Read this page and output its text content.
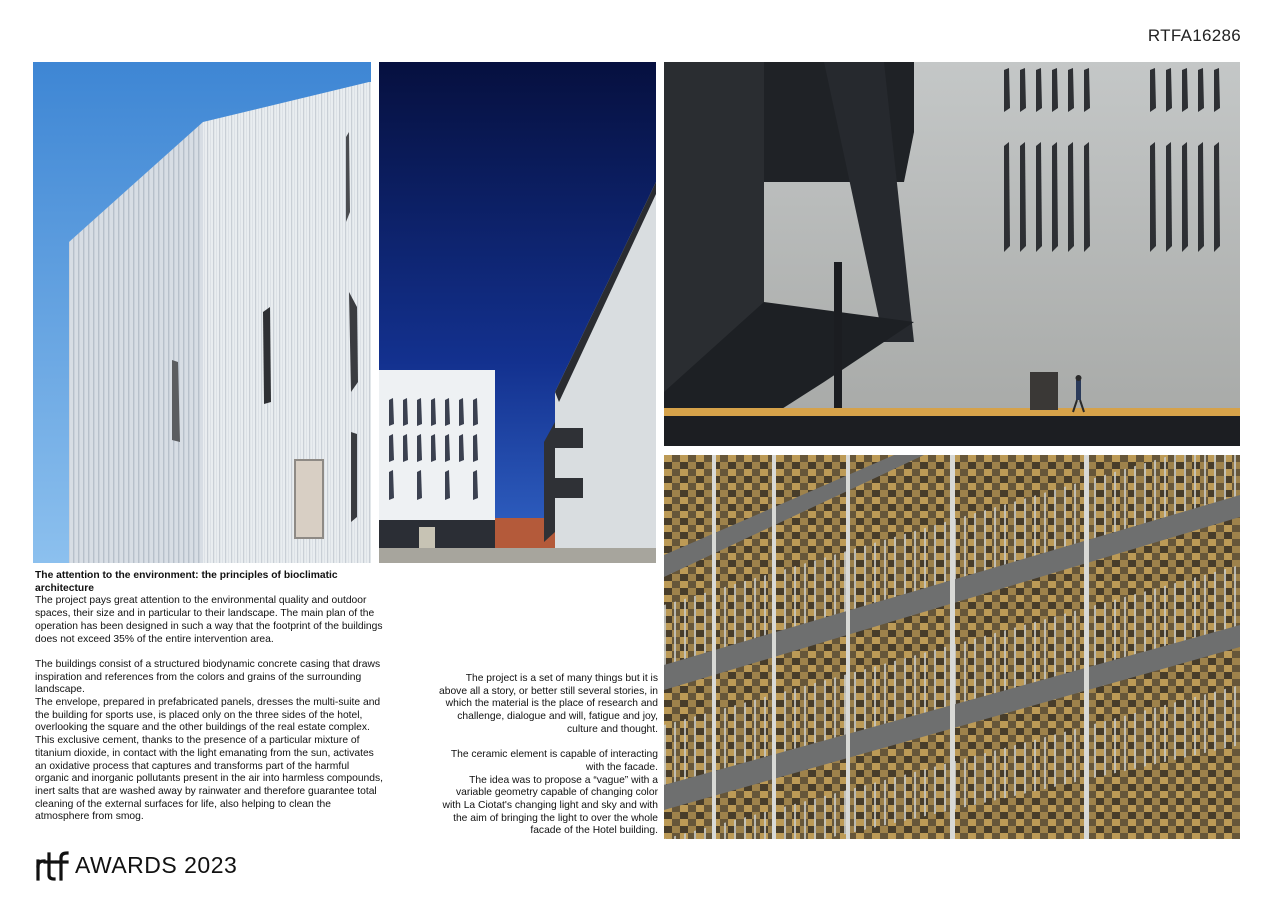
RTFA16286

The attention to the environment: the principles of bioclimatic architecture

The project pays great attention to the environmental quality and outdoor spaces, their size and in particular to their landscape. The main plan of the operation has been designed in such a way that the footprint of the buildings does not exceed 35% of the entire intervention area.

The buildings consist of a structured biodynamic concrete casing that draws inspiration and references from the colors and grains of the surrounding landscape.

The envelope, prepared in prefabricated panels, dresses the multi-suite and the building for sports use, is placed only on the three sides of the hotel, overlooking the square and the other buildings of the real estate complex.

This exclusive cement, thanks to the presence of a particular mixture of titanium dioxide, in contact with the light emanating from the sun, activates an oxidative process that captures and transforms part of the harmful organic and inorganic pollutants present in the air into harmless compounds, inert salts that are washed away by rainwater and therefore guarantee total cleaning of the external surfaces for life, also helping to clean the atmosphere from smog.

The project is a set of many things but it is above all a story, or better still several stories, in which the material is the place of research and challenge, dialogue and will, fatigue and joy, culture and thought.

The ceramic element is capable of interacting with the facade.

The idea was to propose a “vague” with a variable geometry capable of changing color with La Ciotat's changing light and sky and with the aim of bringing the light to over the whole facade of the Hotel building.

AWARDS 2023
